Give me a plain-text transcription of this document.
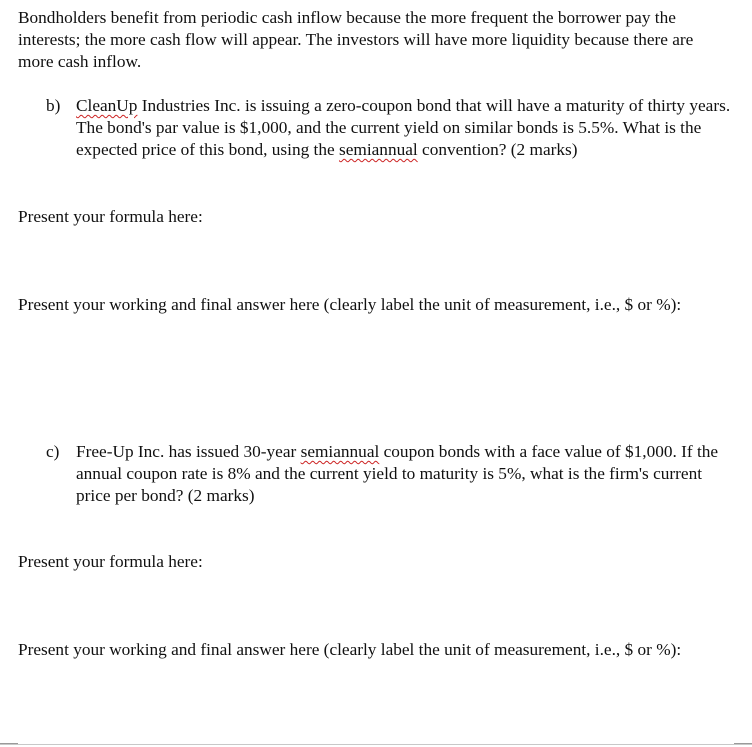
Bondholders benefit from periodic cash inflow because the more frequent the borrower pay the interests; the more cash flow will appear. The investors will have more liquidity because there are more cash inflow.

b) CleanUp Industries Inc. is issuing a zero-coupon bond that will have a maturity of thirty years. The bond's par value is $1,000, and the current yield on similar bonds is 5.5%. What is the expected price of this bond, using the semiannual convention? (2 marks)

Present your formula here:

Present your working and final answer here (clearly label the unit of measurement, i.e., $ or %):

c) Free-Up Inc. has issued 30-year semiannual coupon bonds with a face value of $1,000. If the annual coupon rate is 8% and the current yield to maturity is 5%, what is the firm's current price per bond? (2 marks)

Present your formula here:

Present your working and final answer here (clearly label the unit of measurement, i.e., $ or %):
